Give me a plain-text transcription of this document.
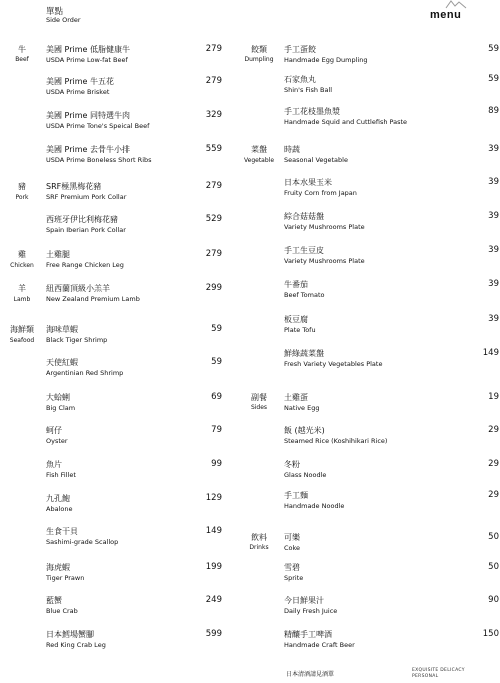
單點
Side Order	menu
牛
Beef
豬
Pork
雞
Chicken
羊
Lamb
海鮮類
Seafood
美國 Prime 低脂健康牛
USDA Prime Low-fat Beef
279
美國 Prime 牛五花
USDA Prime Brisket
279
美國 Prime 同特選牛肉
USDA Prime Tone's Speical Beef
329
美國 Prime 去骨牛小排
USDA Prime Boneless Short Ribs
559
SRF極黑梅花豬
SRF Premium Pork Collar
279
西班牙伊比利梅花豬
Spain Iberian Pork Collar
529
土雞腿
Free Range Chicken Leg
279
紐西蘭頂級小羔羊
New Zealand Premium Lamb
299
海味草蝦
Black Tiger Shrimp
59
天使紅蝦
Argentinian Red Shrimp
59
大蛤蜊
Big Clam
69
蚵仔
Oyster
79
魚片
Fish Fillet
99
九孔鮑
Abalone
129
生食干貝
Sashimi-grade Scallop
149
海虎蝦
Tiger Prawn
199
藍蟹
Blue Crab
249
日本鱈場蟹腳
Red King Crab Leg
599
餃類
Dumpling
菜盤
Vegetable
副餐
Sides
飲料
Drinks
手工蛋餃
Handmade Egg Dumpling
59
石家魚丸
Shin's Fish Ball
59
手工花枝墨魚漿
Handmade Squid and Cuttlefish Paste
89
時蔬
Seasonal Vegetable
39
日本水果玉米
Fruity Corn from Japan
39
綜合菇菇盤
Variety Mushrooms Plate
39
手工生豆皮
Variety Mushrooms Plate
39
牛番茄
Beef Tomato
39
板豆腐
Plate Tofu
39
鮮綠蔬菜盤
Fresh Variety Vegetables Plate
149
土雞蛋
Native Egg
19
飯 (越光米)
Steamed Rice (Koshihikari Rice)
29
冬粉
Glass Noodle
29
手工麵
Handmade Noodle
29
可樂
Coke
50
雪碧
Sprite
50
今日鮮果汁
Daily Fresh Juice
90
精釀手工啤酒
Handmade Craft Beer
150
日本清酒請見酒單
EXQUISITE DELICACY
PERSONAL
